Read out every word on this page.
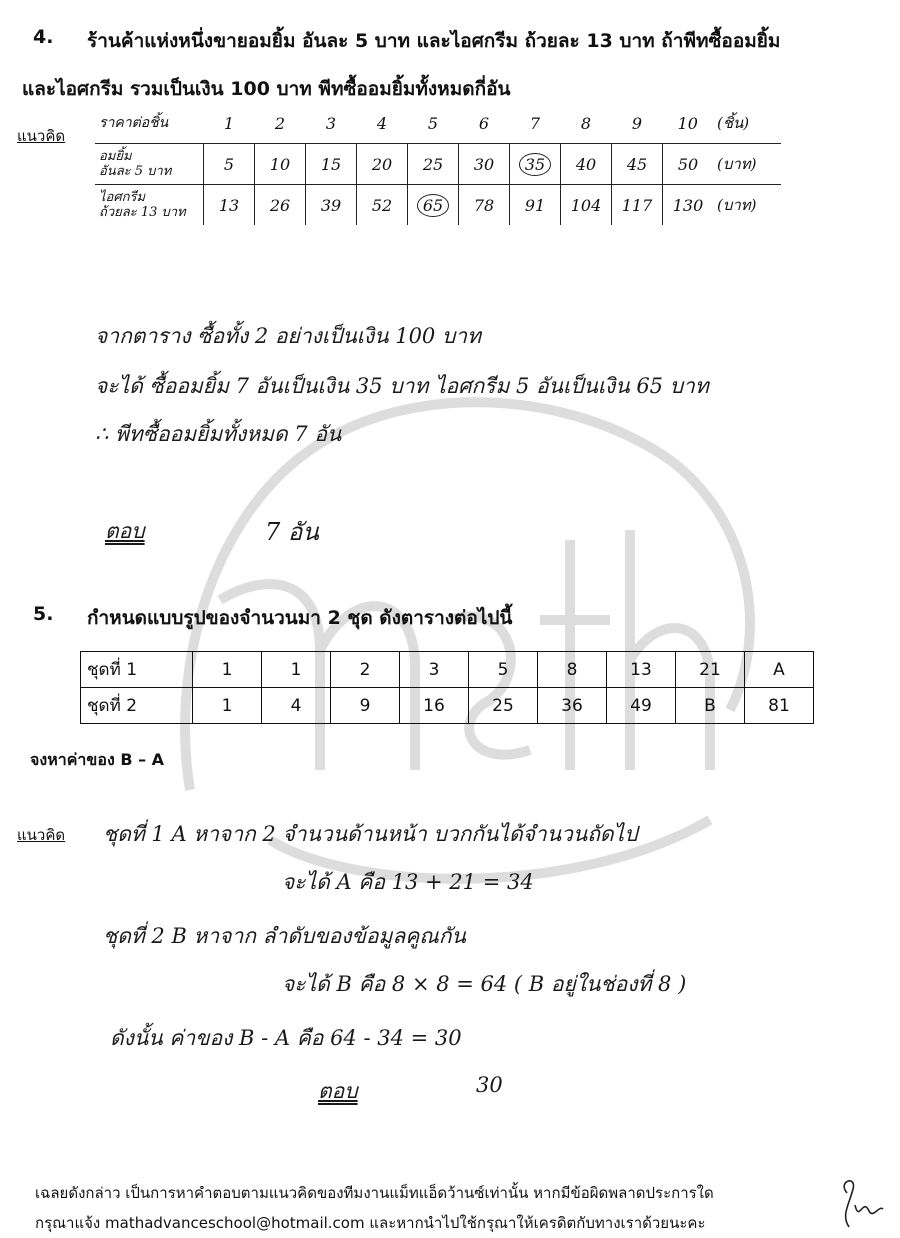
4. ร้านค้าแห่งหนึ่งขายอมยิ้ม อันละ 5 บาท และไอศกรีม ถ้วยละ 13 บาท ถ้าพีทซื้ออมยิ้ม
และไอศกรีม รวมเป็นเงิน 100 บาท พีทซื้ออมยิ้มทั้งหมดกี่อัน
แนวคิด
ราคาต่อชิ้น	1	2	3	4	5	6	7	8	9	10	(ชิ้น)

อมยิ้ม
อันละ 5 บาท	5	10	15	20	25	30	35	40	45	50	(บาท)

ไอศกรีม
ถ้วยละ 13 บาท	13	26	39	52	65	78	91	104	117	130	(บาท)
จากตาราง ซื้อทั้ง 2 อย่างเป็นเงิน 100 บาท
จะได้ ซื้ออมยิ้ม 7 อันเป็นเงิน 35 บาท ไอศกรีม 5 อันเป็นเงิน 65 บาท
∴ พีทซื้ออมยิ้มทั้งหมด 7 อัน
ตอบ	7 อัน
5. กำหนดแบบรูปของจำนวนมา 2 ชุด ดังตารางต่อไปนี้
ชุดที่ 1	1	1	2	3	5	8	13	21	A
ชุดที่ 2	1	4	9	16	25	36	49	B	81
จงหาค่าของ B – A
แนวคิด ชุดที่ 1 A หาจาก 2 จำนวนด้านหน้า บวกกันได้จำนวนถัดไป
จะได้ A คือ 13 + 21 = 34
ชุดที่ 2 B หาจาก ลำดับของข้อมูลคูณกัน
จะได้ B คือ 8 × 8 = 64 ( B อยู่ในช่องที่ 8 )
ดังนั้น ค่าของ B - A คือ 64 - 34 = 30
ตอบ	30
เฉลยดังกล่าว เป็นการหาคำตอบตามแนวคิดของทีมงานแม็ทแอ็ดว้านซ์เท่านั้น หากมีข้อผิดพลาดประการใด
กรุณาแจ้ง mathadvanceschool@hotmail.com และหากนำไปใช้กรุณาให้เครดิตกับทางเราด้วยนะคะ
